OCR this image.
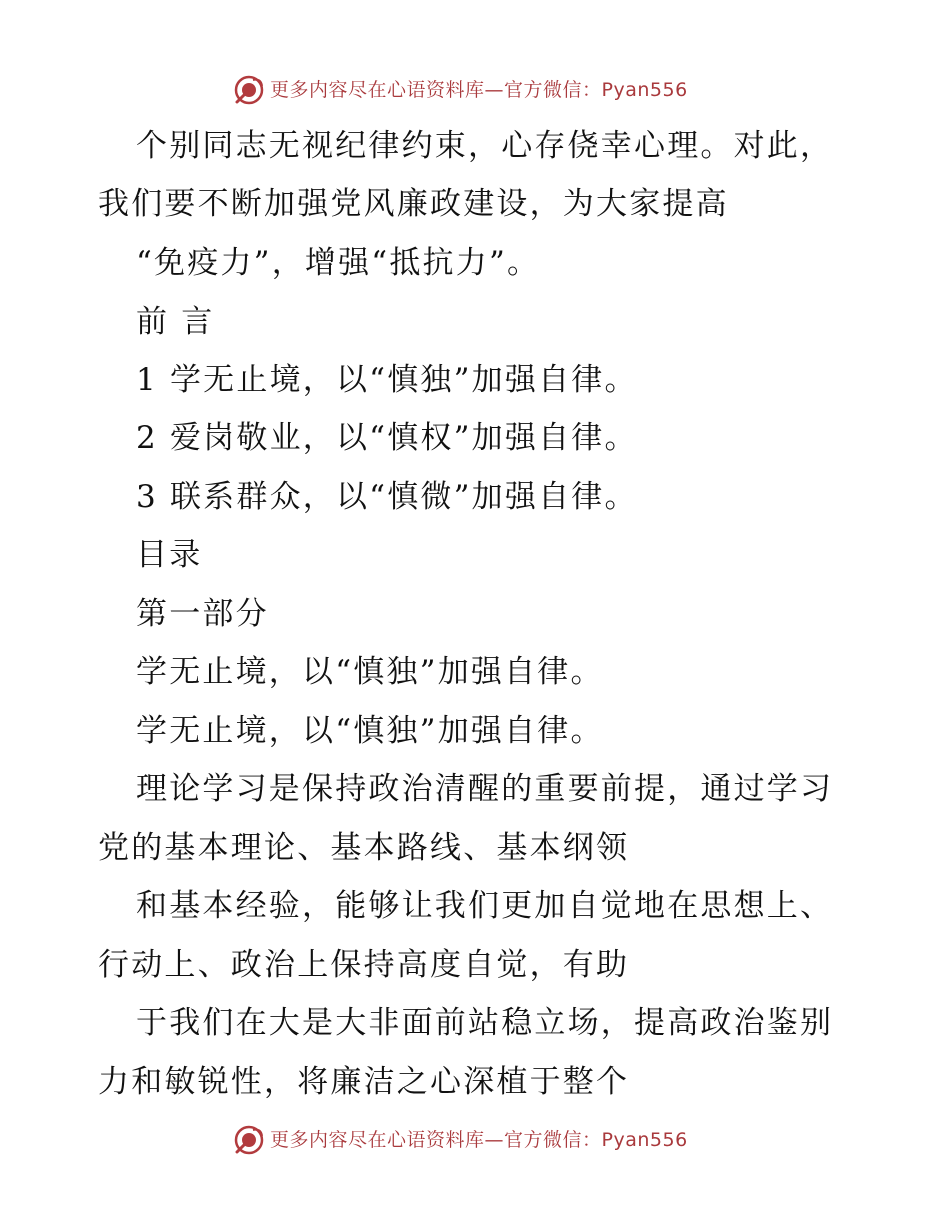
更多内容尽在心语资料库—官方微信：Pyan556
个别同志无视纪律约束，心存侥幸心理。对此，
我们要不断加强党风廉政建设，为大家提高
“免疫力”，增强“抵抗力”。
前 言
1 学无止境，以“慎独”加强自律。
2 爱岗敬业，以“慎权”加强自律。
3 联系群众，以“慎微”加强自律。
目录
第一部分
学无止境，以“慎独”加强自律。
学无止境，以“慎独”加强自律。
理论学习是保持政治清醒的重要前提，通过学习
党的基本理论、基本路线、基本纲领
和基本经验，能够让我们更加自觉地在思想上、
行动上、政治上保持高度自觉，有助
于我们在大是大非面前站稳立场，提高政治鉴别
力和敏锐性，将廉洁之心深植于整个
更多内容尽在心语资料库—官方微信：Pyan556
